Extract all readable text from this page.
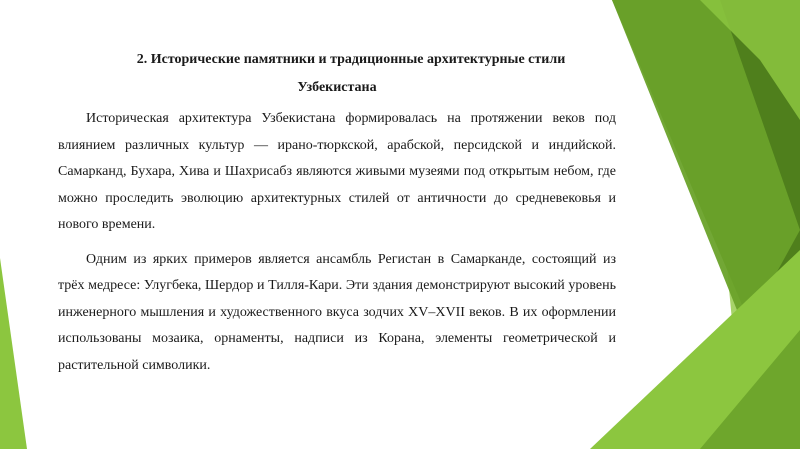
2. Исторические памятники и традиционные архитектурные стили
Узбекистана

Историческая архитектура Узбекистана формировалась на протяжении веков под влиянием различных культур — ирано-тюркской, арабской, персидской и индийской. Самарканд, Бухара, Хива и Шахрисабз являются живыми музеями под открытым небом, где можно проследить эволюцию архитектурных стилей от античности до средневековья и нового времени.

Одним из ярких примеров является ансамбль Регистан в Самарканде, состоящий из трёх медресе: Улугбека, Шердор и Тилля-Кари. Эти здания демонстрируют высокий уровень инженерного мышления и художественного вкуса зодчих XV–XVII веков. В их оформлении использованы мозаика, орнаменты, надписи из Корана, элементы геометрической и растительной символики.
